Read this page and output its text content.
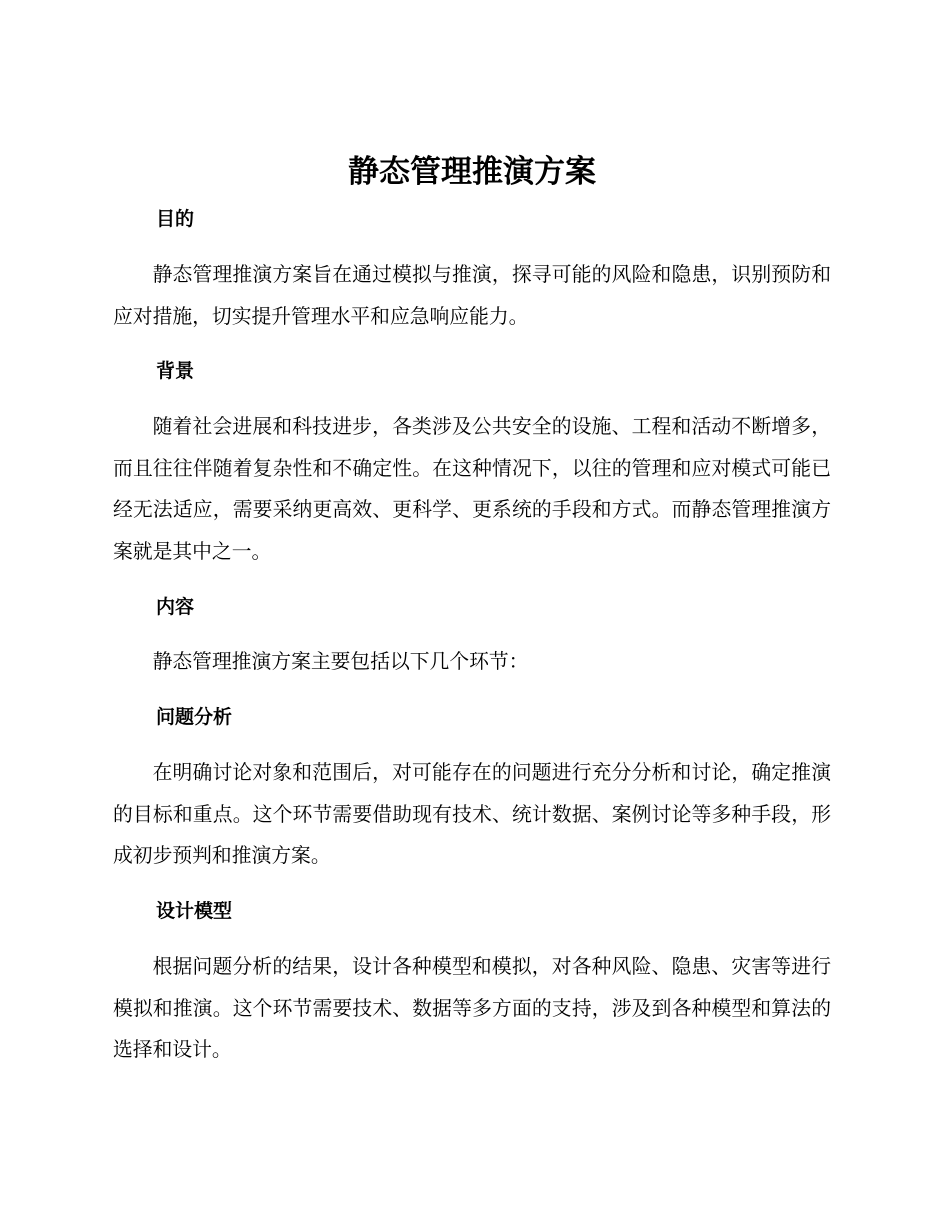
静态管理推演方案
目的

静态管理推演方案旨在通过模拟与推演，探寻可能的风险和隐患，识别预防和应对措施，切实提升管理水平和应急响应能力。

背景

随着社会进展和科技进步，各类涉及公共安全的设施、工程和活动不断增多，而且往往伴随着复杂性和不确定性。在这种情况下，以往的管理和应对模式可能已经无法适应，需要采纳更高效、更科学、更系统的手段和方式。而静态管理推演方案就是其中之一。

内容

静态管理推演方案主要包括以下几个环节：

问题分析

在明确讨论对象和范围后，对可能存在的问题进行充分分析和讨论，确定推演的目标和重点。这个环节需要借助现有技术、统计数据、案例讨论等多种手段，形成初步预判和推演方案。

设计模型

根据问题分析的结果，设计各种模型和模拟，对各种风险、隐患、灾害等进行模拟和推演。这个环节需要技术、数据等多方面的支持，涉及到各种模型和算法的选择和设计。
